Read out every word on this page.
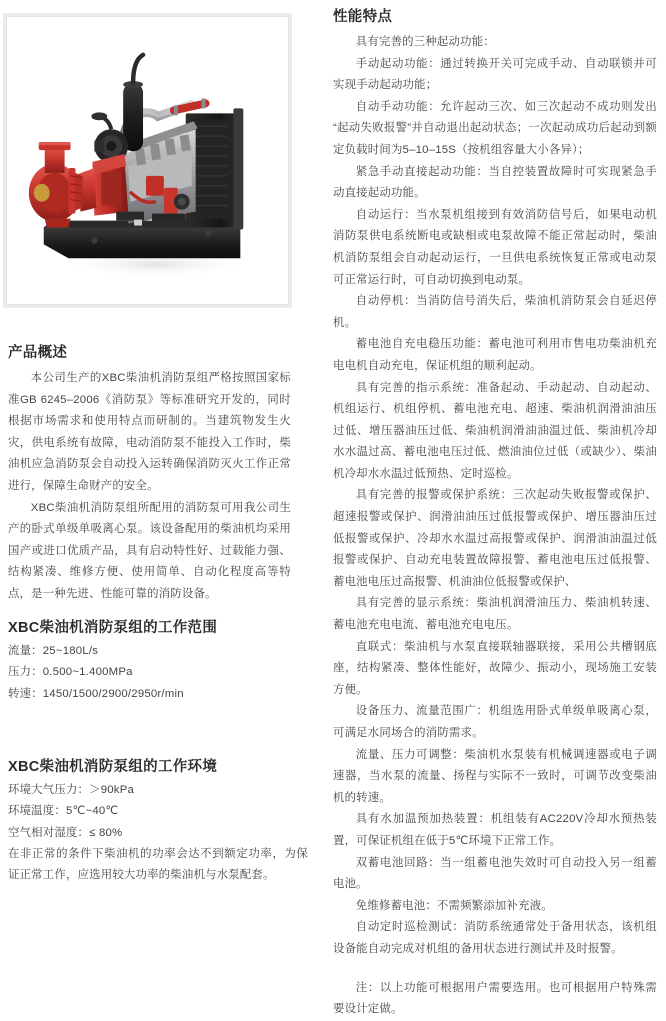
产品概述

本公司生产的XBC柴油机消防泵组严格按照国家标准GB 6245–2006《消防泵》等标准研究开发的，同时根据市场需求和使用特点而研制的。当建筑物发生火灾，供电系统有故障，电动消防泵不能投入工作时，柴油机应急消防泵会自动投入运转确保消防灭火工作正常进行，保障生命财产的安全。

XBC柴油机消防泵组所配用的消防泵可用我公司生产的卧式单级单吸离心泵。该设备配用的柴油机均采用国产或进口优质产品，具有启动特性好、过载能力强、结构紧凑、维修方便、使用简单、自动化程度高等特点，是一种先进、性能可靠的消防设备。

XBC柴油机消防泵组的工作范围

流量：25~180L/s

压力：0.500~1.400MPa

转速：1450/1500/2900/2950r/min

XBC柴油机消防泵组的工作环境

环境大气压力：＞90kPa

环境温度：5℃~40℃

空气相对湿度：≤ 80%

在非正常的条件下柴油机的功率会达不到额定功率，为保证正常工作，应选用较大功率的柴油机与水泵配套。

性能特点

具有完善的三种起动功能：

手动起动功能：通过转换开关可完成手动、自动联锁并可实现手动起动功能；

自动手动功能：允许起动三次、如三次起动不成功则发出“起动失败报警”并自动退出起动状态；一次起动成功后起动到额定负载时间为5–10–15S（按机组容量大小各异）；

紧急手动直接起动功能：当自控装置故障时可实现紧急手动直接起动功能。

自动运行：当水泵机组接到有效消防信号后，如果电动机消防泵供电系统断电或缺相或电泵故障不能正常起动时，柴油机消防泵组会自动起动运行，一旦供电系统恢复正常或电动泵可正常运行时，可自动切换到电动泵。

自动停机：当消防信号消失后，柴油机消防泵会自延迟停机。

蓄电池自充电稳压功能：蓄电池可利用市售电功柴油机充电电机自动充电，保证机组的顺利起动。

具有完善的指示系统：准备起动、手动起动、自动起动、机组运行、机组停机、蓄电池充电、超速、柴油机润滑油油压过低、增压器油压过低、柴油机润滑油油温过低、柴油机冷却水水温过高、蓄电池电压过低、燃油油位过低（或缺少）、柴油机冷却水水温过低预热、定时巡检。

具有完善的报警或保护系统：三次起动失败报警或保护、超速报警或保护、润滑油油压过低报警或保护、增压器油压过低报警或保护、冷却水水温过高报警或保护、润滑油油温过低报警或保护、自动充电装置故障报警、蓄电池电压过低报警、蓄电池电压过高报警、机油油位低报警或保护、

具有完善的显示系统：柴油机润滑油压力、柴油机转速、蓄电池充电电流、蓄电池充电电压。

直联式：柴油机与水泵直接联轴器联接，采用公共槽钢底座，结构紧凑、整体性能好，故障少、振动小，现场施工安装方便。

设备压力、流量范围广：机组选用卧式单级单吸离心泵，可满足水同场合的消防需求。

流量、压力可调整：柴油机水泵装有机械调速器或电子调速器，当水泵的流量、扬程与实际不一致时，可调节改变柴油机的转速。

具有水加温预加热装置：机组装有AC220V冷却水预热装置，可保证机组在低于5℃环境下正常工作。

双蓄电池回路：当一组蓄电池失效时可自动投入另一组蓄电池。

免维修蓄电池：不需频繁添加补充液。

自动定时巡检测试：消防系统通常处于备用状态，该机组设备能自动完成对机组的备用状态进行测试并及时报警。

注：以上功能可根据用户需要选用。也可根据用户特殊需要设计定做。
